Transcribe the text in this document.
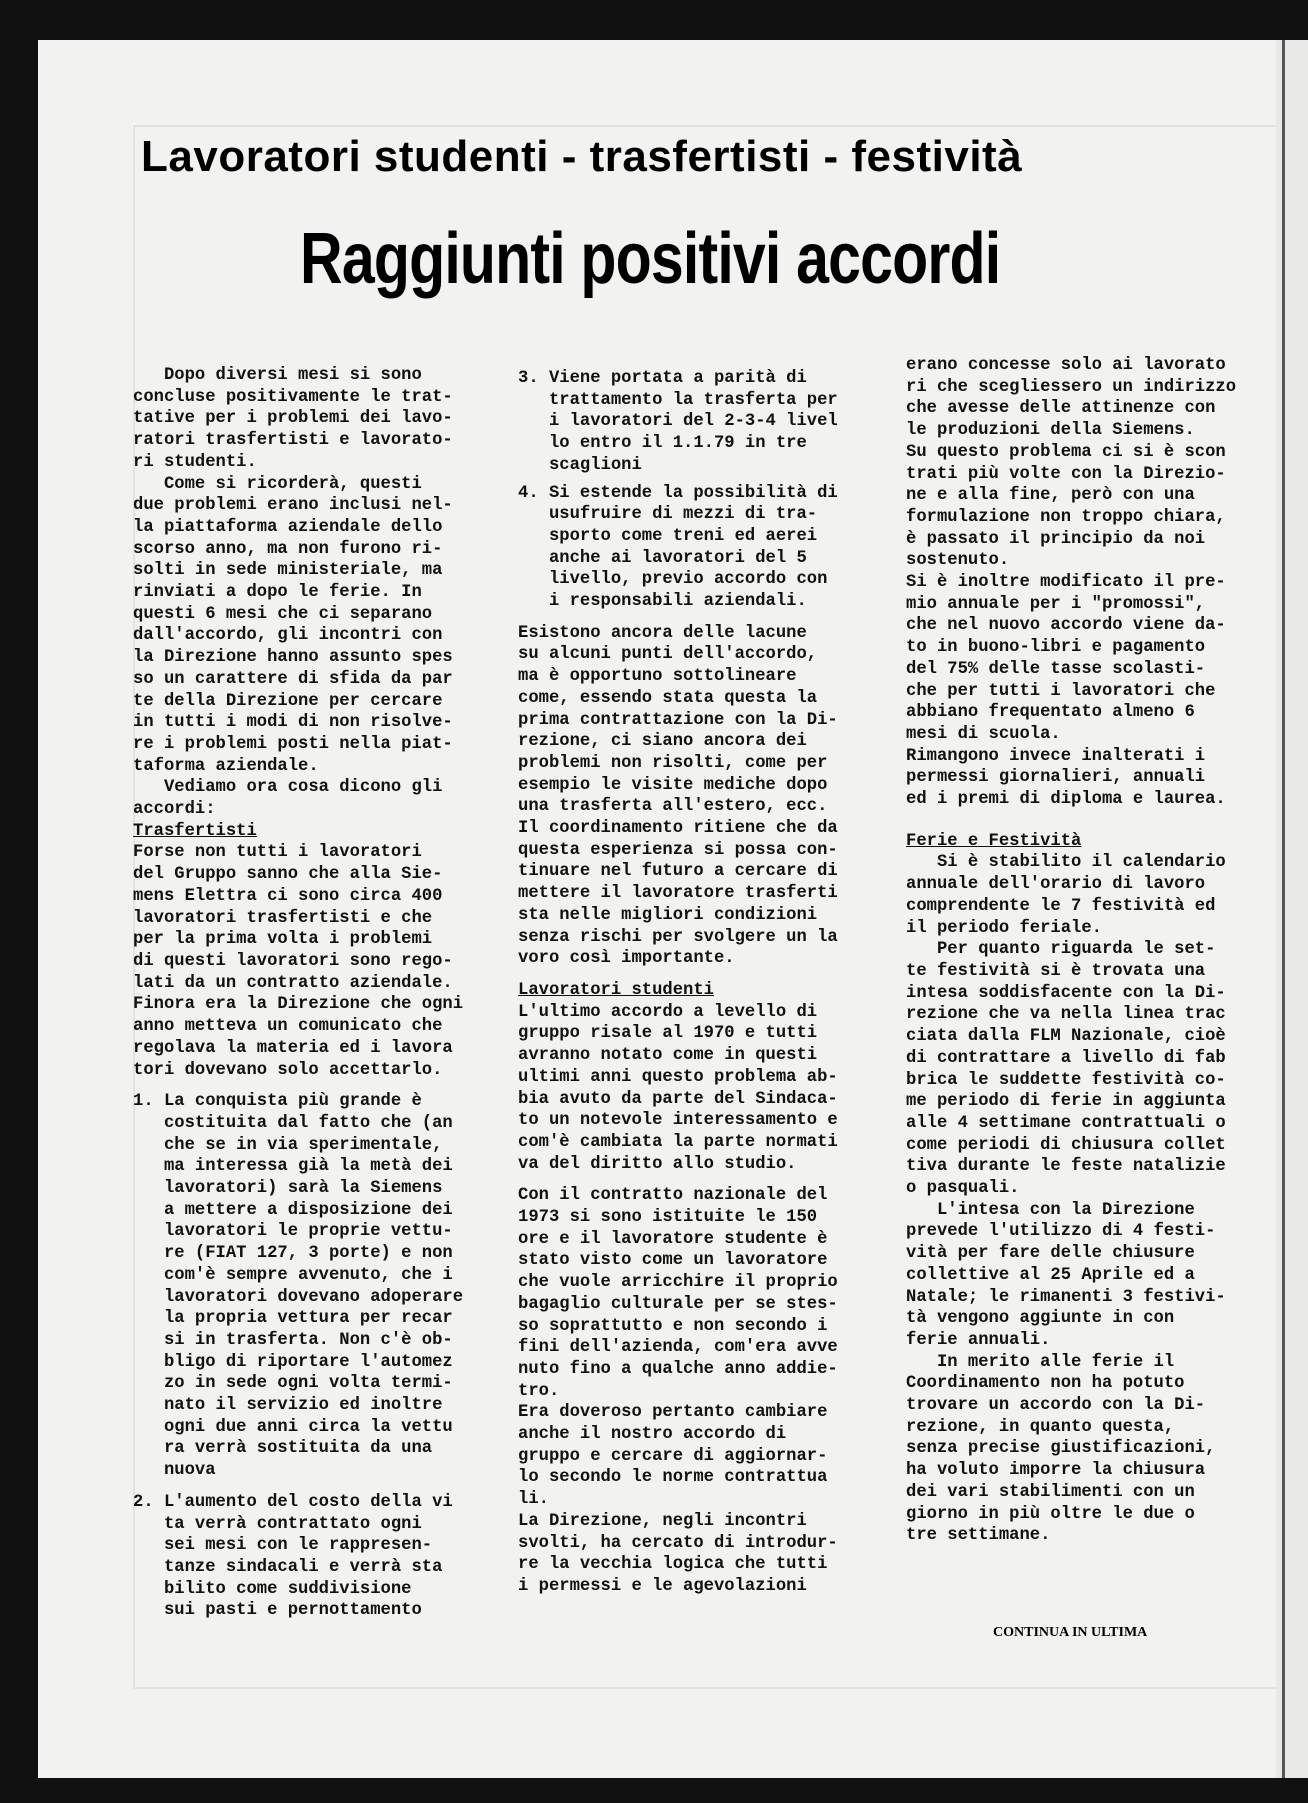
Lavoratori studenti - trasfertisti - festività
Raggiunti positivi accordi

Dopo diversi mesi si sono

concluse positivamente le trat-

tative per i problemi dei lavo-

ratori trasfertisti e lavorato-

ri studenti.

Come si ricorderà, questi

due problemi erano inclusi nel-

la piattaforma aziendale dello

scorso anno, ma non furono ri-

solti in sede ministeriale, ma

rinviati a dopo le ferie. In

questi 6 mesi che ci separano

dall'accordo, gli incontri con

la Direzione hanno assunto spes

so un carattere di sfida da par

te della Direzione per cercare

in tutti i modi di non risolve-

re i problemi posti nella piat-

taforma aziendale.

Vediamo ora cosa dicono gli

accordi:

Trasfertisti

Forse non tutti i lavoratori

del Gruppo sanno che alla Sie-

mens Elettra ci sono circa 400

lavoratori trasfertisti e che

per la prima volta i problemi

di questi lavoratori sono rego-

lati da un contratto aziendale.

Finora era la Direzione che ogni

anno metteva un comunicato che

regolava la materia ed i lavora

tori dovevano solo accettarlo.

1. La conquista più grande è

costituita dal fatto che (an

che se in via sperimentale,

ma interessa già la metà dei

lavoratori) sarà la Siemens

a mettere a disposizione dei

lavoratori le proprie vettu-

re (FIAT 127, 3 porte) e non

com'è sempre avvenuto, che i

lavoratori dovevano adoperare

la propria vettura per recar

si in trasferta. Non c'è ob-

bligo di riportare l'automez

zo in sede ogni volta termi-

nato il servizio ed inoltre

ogni due anni circa la vettu

ra verrà sostituita da una

nuova

2. L'aumento del costo della vi

ta verrà contrattato ogni

sei mesi con le rappresen-

tanze sindacali e verrà sta

bilito come suddivisione

sui pasti e pernottamento

3. Viene portata a parità di

trattamento la trasferta per

i lavoratori del 2-3-4 livel

lo entro il 1.1.79 in tre

scaglioni

4. Si estende la possibilità di

usufruire di mezzi di tra-

sporto come treni ed aerei

anche ai lavoratori del 5

livello, previo accordo con

i responsabili aziendali.

Esistono ancora delle lacune

su alcuni punti dell'accordo,

ma è opportuno sottolineare

come, essendo stata questa la

prima contrattazione con la Di-

rezione, ci siano ancora dei

problemi non risolti, come per

esempio le visite mediche dopo

una trasferta all'estero, ecc.

Il coordinamento ritiene che da

questa esperienza si possa con-

tinuare nel futuro a cercare di

mettere il lavoratore trasferti

sta nelle migliori condizioni

senza rischi per svolgere un la

voro così importante.

Lavoratori studenti

L'ultimo accordo a levello di

gruppo risale al 1970 e tutti

avranno notato come in questi

ultimi anni questo problema ab-

bia avuto da parte del Sindaca-

to un notevole interessamento e

com'è cambiata la parte normati

va del diritto allo studio.

Con il contratto nazionale del

1973 si sono istituite le 150

ore e il lavoratore studente è

stato visto come un lavoratore

che vuole arricchire il proprio

bagaglio culturale per se stes-

so soprattutto e non secondo i

fini dell'azienda, com'era avve

nuto fino a qualche anno addie-

tro.

Era doveroso pertanto cambiare

anche il nostro accordo di

gruppo e cercare di aggiornar-

lo secondo le norme contrattua

li.

La Direzione, negli incontri

svolti, ha cercato di introdur-

re la vecchia logica che tutti

i permessi e le agevolazioni

erano concesse solo ai lavorato

ri che scegliessero un indirizzo

che avesse delle attinenze con

le produzioni della Siemens.

Su questo problema ci si è scon

trati più volte con la Direzio-

ne e alla fine, però con una

formulazione non troppo chiara,

è passato il principio da noi

sostenuto.

Si è inoltre modificato il pre-

mio annuale per i "promossi",

che nel nuovo accordo viene da-

to in buono-libri e pagamento

del 75% delle tasse scolasti-

che per tutti i lavoratori che

abbiano frequentato almeno 6

mesi di scuola.

Rimangono invece inalterati i

permessi giornalieri, annuali

ed i premi di diploma e laurea.

Ferie e Festività

Si è stabilito il calendario

annuale dell'orario di lavoro

comprendente le 7 festività ed

il periodo feriale.

Per quanto riguarda le set-

te festività si è trovata una

intesa soddisfacente con la Di-

rezione che va nella linea trac

ciata dalla FLM Nazionale, cioè

di contrattare a livello di fab

brica le suddette festività co-

me periodo di ferie in aggiunta

alle 4 settimane contrattuali o

come periodi di chiusura collet

tiva durante le feste natalizie

o pasquali.

L'intesa con la Direzione

prevede l'utilizzo di 4 festi-

vità per fare delle chiusure

collettive al 25 Aprile ed a

Natale; le rimanenti 3 festivi-

tà vengono aggiunte in con

ferie annuali.

In merito alle ferie il

Coordinamento non ha potuto

trovare un accordo con la Di-

rezione, in quanto questa,

senza precise giustificazioni,

ha voluto imporre la chiusura

dei vari stabilimenti con un

giorno in più oltre le due o

tre settimane.

CONTINUA IN ULTIMA
